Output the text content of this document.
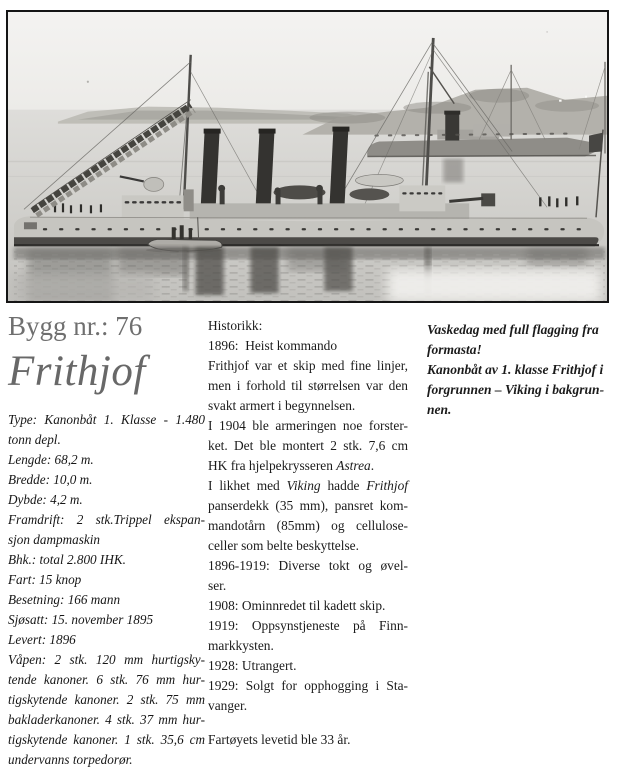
Bygg nr.: 76
Frithjof
Type: Kanonbåt 1. Klasse - 1.480
tonn depl.
Lengde: 68,2 m.
Bredde: 10,0 m.
Dybde: 4,2 m.
Framdrift: 2 stk.Trippel ekspan-
sjon dampmaskin
Bhk.: total 2.800 IHK.
Fart: 15 knop
Besetning: 166 mann
Sjøsatt: 15. november 1895
Levert: 1896
Våpen: 2 stk. 120 mm hurtigsky-
tende kanoner. 6 stk. 76 mm hur-
tigskytende kanoner. 2 stk. 75 mm
bakladerkanoner. 4 stk. 37 mm hur-
tigskytende kanoner. 1 stk. 35,6 cm
undervanns torpedorør.
Historikk:
1896:  Heist kommando
Frithjof var et skip med fine linjer,
men i forhold til størrelsen var den
svakt armert i begynnelsen.
I 1904 ble armeringen noe forster-
ket. Det ble montert 2 stk. 7,6 cm
HK fra hjelpekrysseren Astrea.
I likhet med Viking hadde Frithjof
panserdekk (35 mm), pansret kom-
mandotårn (85mm) og cellulose-
celler som belte beskyttelse.
1896-1919: Diverse tokt og øvel-
ser.
1908: Ominnredet til kadett skip.
1919: Oppsynstjeneste på Finn-
markkysten.
1928: Utrangert.
1929: Solgt for opphogging i Sta-
vanger.
Fartøyets levetid ble 33 år.
Vaskedag med full flagging fra
formasta!
Kanonbåt av 1. klasse Frithjof i
forgrunnen – Viking i bakgrun-
nen.
